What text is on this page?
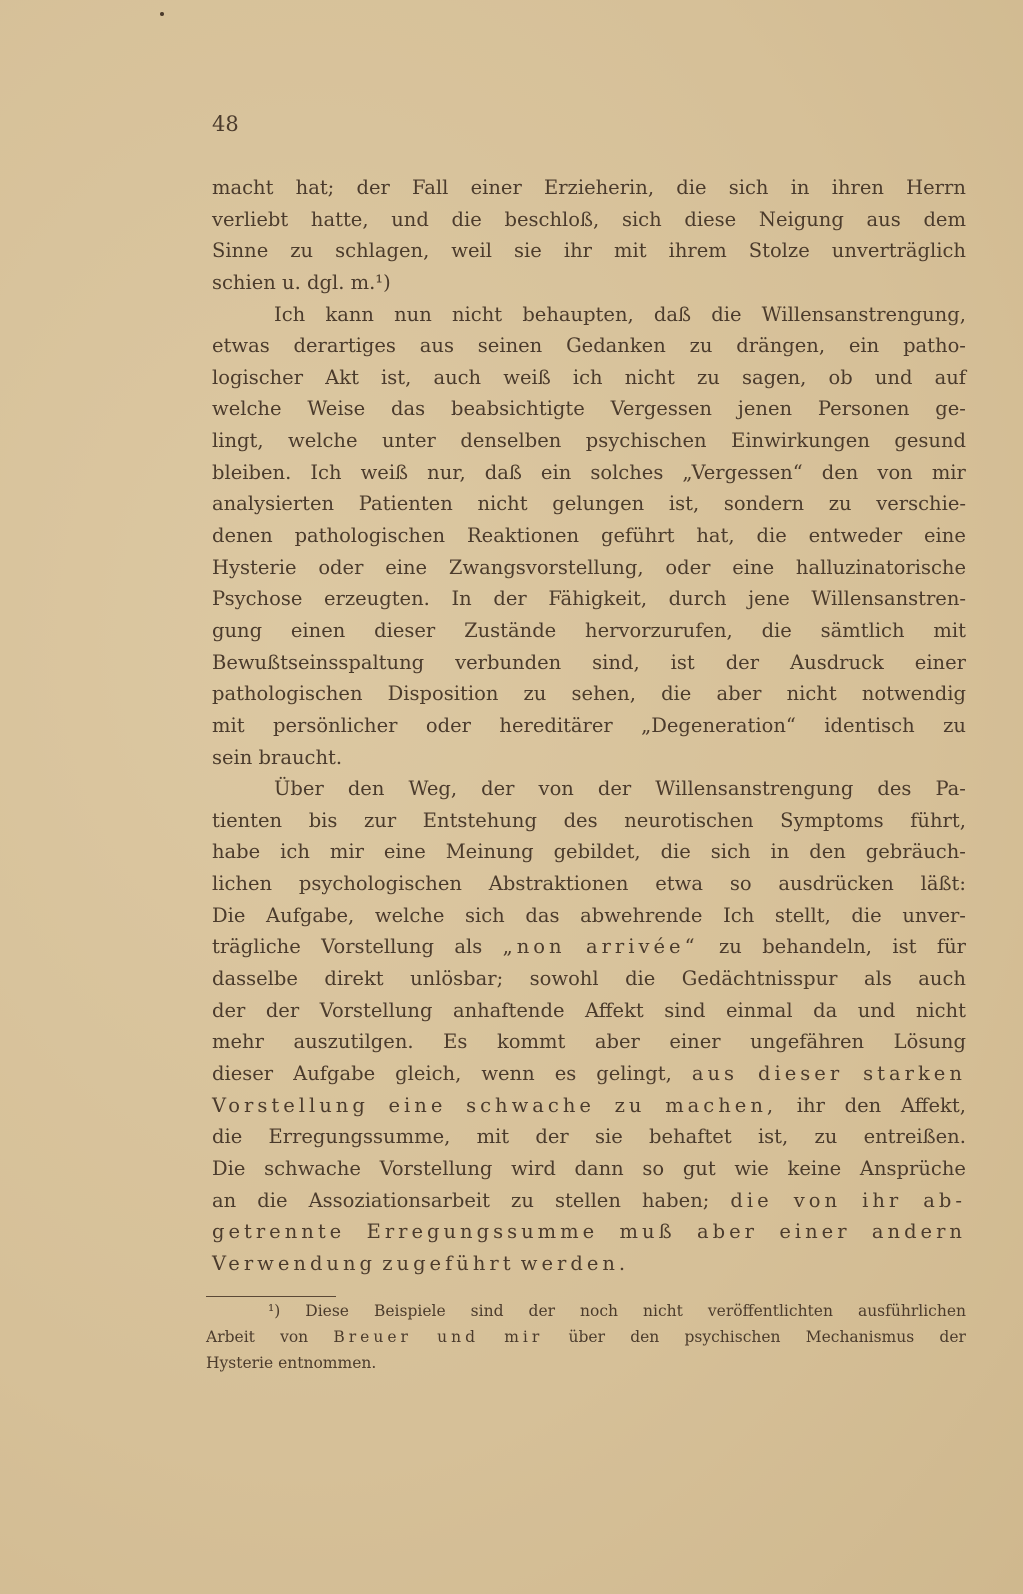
48
macht hat; der Fall einer Erzieherin, die sich in ihren Herrn
verliebt hatte, und die beschloß, sich diese Neigung aus dem
Sinne zu schlagen, weil sie ihr mit ihrem Stolze unverträglich
schien
u.
dgl.
m.¹)
Ich kann nun nicht behaupten, daß die Willensanstrengung,
etwas derartiges aus seinen Gedanken zu drängen, ein patho-
logischer Akt ist, auch weiß ich nicht zu sagen, ob und auf
welche Weise das beabsichtigte Vergessen jenen Personen ge-
lingt, welche unter denselben psychischen Einwirkungen gesund
bleiben. Ich weiß nur, daß ein solches „Vergessen“ den von mir
analysierten Patienten nicht gelungen ist, sondern zu verschie-
denen pathologischen Reaktionen geführt hat, die entweder eine
Hysterie oder eine Zwangsvorstellung, oder eine halluzinatorische
Psychose erzeugten. In der Fähigkeit, durch jene Willensanstren-
gung einen dieser Zustände hervorzurufen, die sämtlich mit
Bewußtseinsspaltung verbunden sind, ist der Ausdruck einer
pathologischen Disposition zu sehen, die aber nicht notwendig
mit persönlicher oder hereditärer „Degeneration“ identisch zu
sein
braucht.
Über den Weg, der von der Willensanstrengung des Pa-
tienten bis zur Entstehung des neurotischen Symptoms führt,
habe ich mir eine Meinung gebildet, die sich in den gebräuch-
lichen psychologischen Abstraktionen etwa so ausdrücken läßt:
Die Aufgabe, welche sich das abwehrende Ich stellt, die unver-
trägliche Vorstellung als „non arrivée“ zu behandeln, ist für
dasselbe direkt unlösbar; sowohl die Gedächtnisspur als auch
der der Vorstellung anhaftende Affekt sind einmal da und nicht
mehr auszutilgen. Es kommt aber einer ungefähren Lösung
dieser Aufgabe gleich, wenn es gelingt, aus dieser starken
Vorstellung eine schwache zu machen, ihr den Affekt,
die Erregungssumme, mit der sie behaftet ist, zu entreißen.
Die schwache Vorstellung wird dann so gut wie keine Ansprüche
an die Assoziationsarbeit zu stellen haben; die von ihr ab-
getrennte Erregungssumme muß aber einer andern
Verwendung
zugeführt
werden.
¹) Diese Beispiele sind der noch nicht veröffentlichten ausführlichen
Arbeit von Breuer und mir über den psychischen Mechanismus der
Hysterie
entnommen.
